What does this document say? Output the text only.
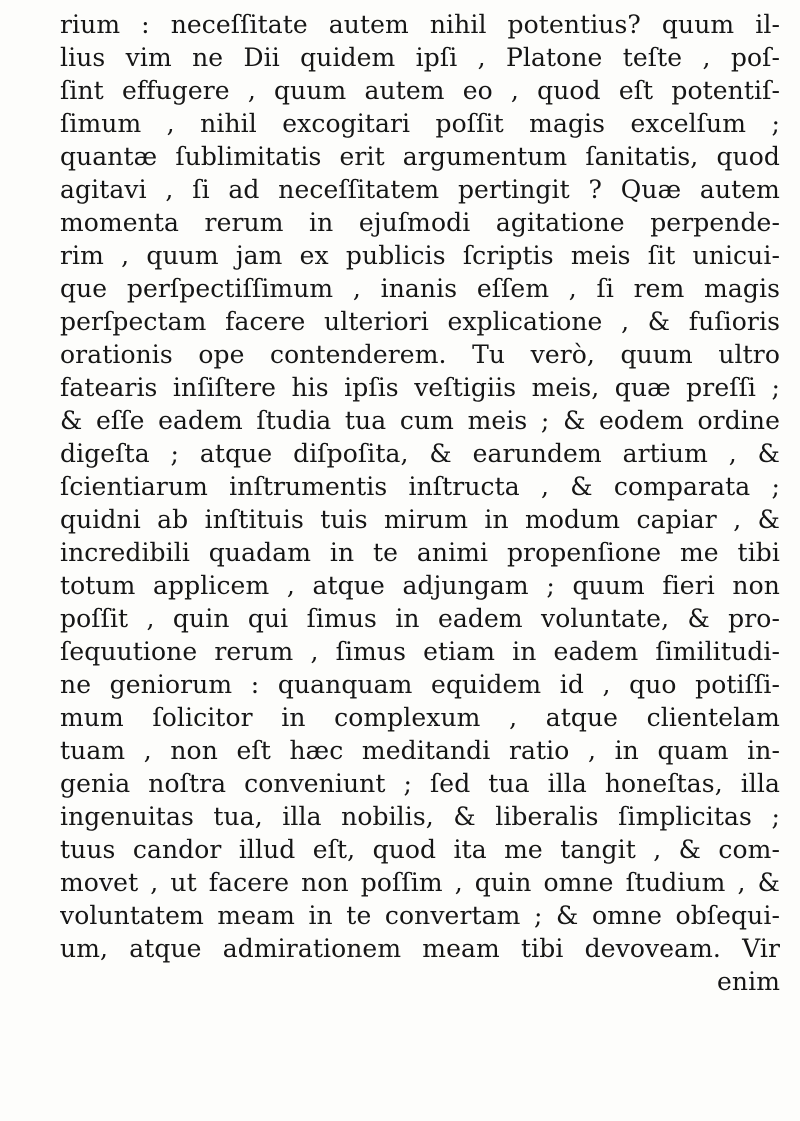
rium : neceſſitate autem nihil potentius? quum il-
lius vim ne Dii quidem ipſi , Platone teſte , poſ-
ſint effugere , quum autem eo , quod eſt potentiſ-
ſimum , nihil excogitari poſſit magis excelſum ;
quantæ ſublimitatis erit argumentum ſanitatis, quod
agitavi , ſi ad neceſſitatem pertingit ? Quæ autem
momenta rerum in ejuſmodi agitatione perpende-
rim , quum jam ex publicis ſcriptis meis ſit unicui-
que perſpectiſſimum , inanis eſſem , ſi rem magis
perſpectam facere ulteriori explicatione , & fuſioris
orationis ope contenderem. Tu verò, quum ultro
fatearis inſiſtere his ipſis veſtigiis meis, quæ preſſi ;
& eſſe eadem ſtudia tua cum meis ; & eodem ordine
digeſta ; atque diſpoſita, & earundem artium , &
ſcientiarum inſtrumentis inſtructa , & comparata ;
quidni ab inſtituis tuis mirum in modum capiar , &
incredibili quadam in te animi propenſione me tibi
totum applicem , atque adjungam ; quum fieri non
poſſit , quin qui ſimus in eadem voluntate, & pro-
ſequutione rerum , ſimus etiam in eadem ſimilitudi-
ne geniorum : quanquam equidem id , quo potiſſi-
mum ſolicitor in complexum , atque clientelam
tuam , non eſt hæc meditandi ratio , in quam in-
genia noſtra conveniunt ; ſed tua illa honeſtas, illa
ingenuitas tua, illa nobilis, & liberalis ſimplicitas ;
tuus candor illud eſt, quod ita me tangit , & com-
movet , ut facere non poſſim , quin omne ſtudium , &
voluntatem meam in te convertam ; & omne obſequi-
um, atque admirationem meam tibi devoveam. Vir
enim
